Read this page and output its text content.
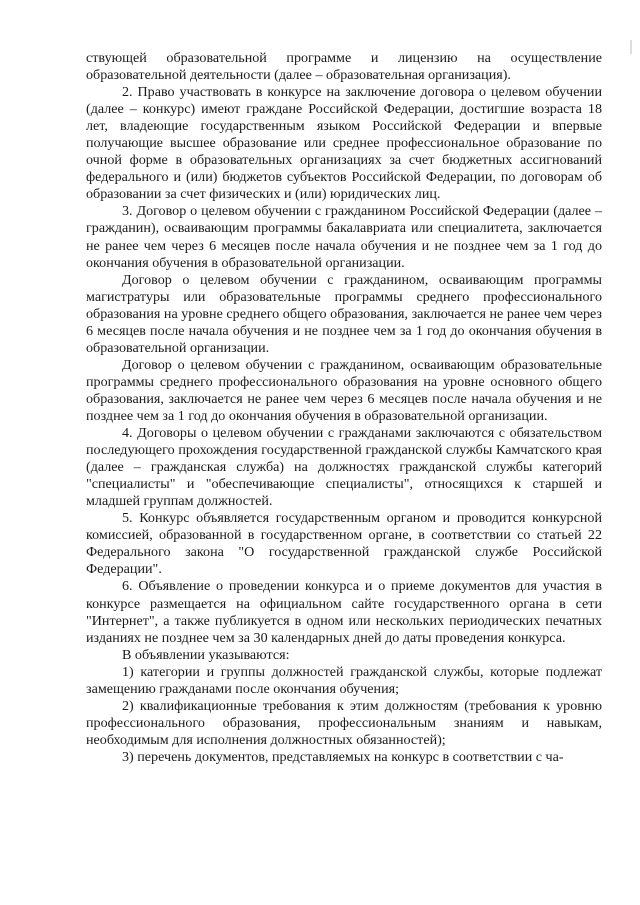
ствующей образовательной программе и лицензию на осуществление образовательной деятельности (далее – образовательная организация).

2. Право участвовать в конкурсе на заключение договора о целевом обучении (далее – конкурс) имеют граждане Российской Федерации, достигшие возраста 18 лет, владеющие государственным языком Российской Федерации и впервые получающие высшее образование или среднее профессиональное образование по очной форме в образовательных организациях за счет бюджетных ассигнований федерального и (или) бюджетов субъектов Российской Федерации, по договорам об образовании за счет физических и (или) юридических лиц.

3. Договор о целевом обучении с гражданином Российской Федерации (далее – гражданин), осваивающим программы бакалавриата или специалитета, заключается не ранее чем через 6 месяцев после начала обучения и не позднее чем за 1 год до окончания обучения в образовательной организации.

Договор о целевом обучении с гражданином, осваивающим программы магистратуры или образовательные программы среднего профессионального образования на уровне среднего общего образования, заключается не ранее чем через 6 месяцев после начала обучения и не позднее чем за 1 год до окончания обучения в образовательной организации.

Договор о целевом обучении с гражданином, осваивающим образовательные программы среднего профессионального образования на уровне основного общего образования, заключается не ранее чем через 6 месяцев после начала обучения и не позднее чем за 1 год до окончания обучения в образовательной организации.

4. Договоры о целевом обучении с гражданами заключаются с обязательством последующего прохождения государственной гражданской службы Камчатского края (далее – гражданская служба) на должностях гражданской службы категорий "специалисты" и "обеспечивающие специалисты", относящихся к старшей и младшей группам должностей.

5. Конкурс объявляется государственным органом и проводится конкурсной комиссией, образованной в государственном органе, в соответствии со статьей 22 Федерального закона "О государственной гражданской службе Российской Федерации".

6. Объявление о проведении конкурса и о приеме документов для участия в конкурсе размещается на официальном сайте государственного органа в сети "Интернет", а также публикуется в одном или нескольких периодических печатных изданиях не позднее чем за 30 календарных дней до даты проведения конкурса.

В объявлении указываются:

1) категории и группы должностей гражданской службы, которые подлежат замещению гражданами после окончания обучения;

2) квалификационные требования к этим должностям (требования к уровню профессионального образования, профессиональным знаниям и навыкам, необходимым для исполнения должностных обязанностей);

3) перечень документов, представляемых на конкурс в соответствии с ча-
